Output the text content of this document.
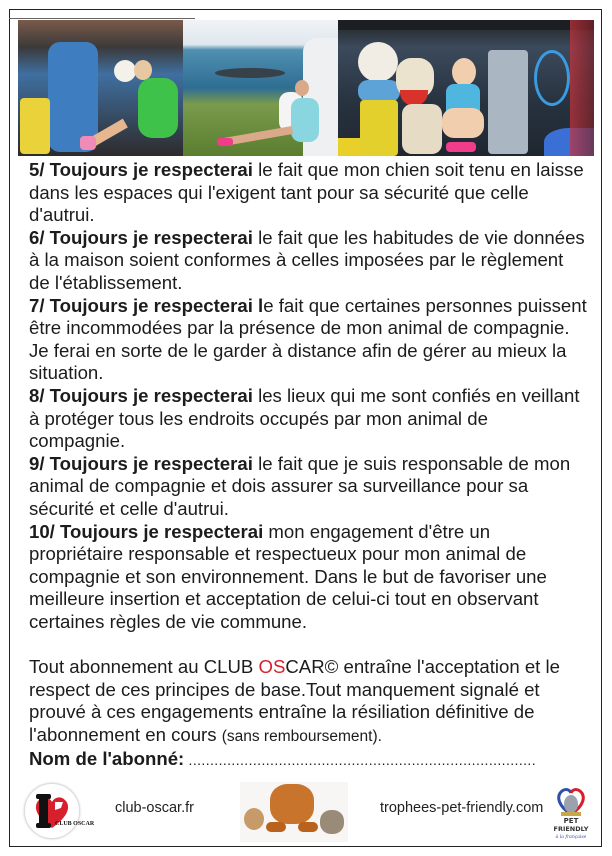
5/ Toujours je respecterai le fait que mon chien soit tenu en laisse dans les espaces qui l'exigent tant pour sa sécurité que celle d'autrui.

6/ Toujours je respecterai le fait que les habitudes de vie données à la maison soient conformes à celles imposées par le règlement de l'établissement.

7/ Toujours je respecterai le fait que certaines personnes puissent être incommodées par la présence de mon animal de compagnie. Je ferai en sorte de le garder à distance afin de gérer au mieux la situation.

8/ Toujours je respecterai les lieux qui me sont confiés en veillant à protéger tous les endroits occupés par mon animal de compagnie.

9/ Toujours je respecterai le fait que je suis responsable de mon animal de compagnie et dois assurer sa surveillance pour sa sécurité et celle d'autrui.

10/ Toujours je respecterai mon engagement d'être un propriétaire responsable et respectueux pour mon animal de compagnie et son environnement. Dans le but de favoriser une meilleure insertion et acceptation de celui-ci tout en observant certaines règles de vie commune.

Tout abonnement au CLUB OSCAR© entraîne l'acceptation et le respect de ces principes de base.Tout manquement signalé et prouvé à ces engagements entraîne la résiliation définitive de l'abonnement en cours (sans remboursement).

Nom de l'abonné: .................................................................................

CLUB OSCAR
club-oscar.fr	trophees-pet-friendly.com
PET
FRIENDLY
à la française
